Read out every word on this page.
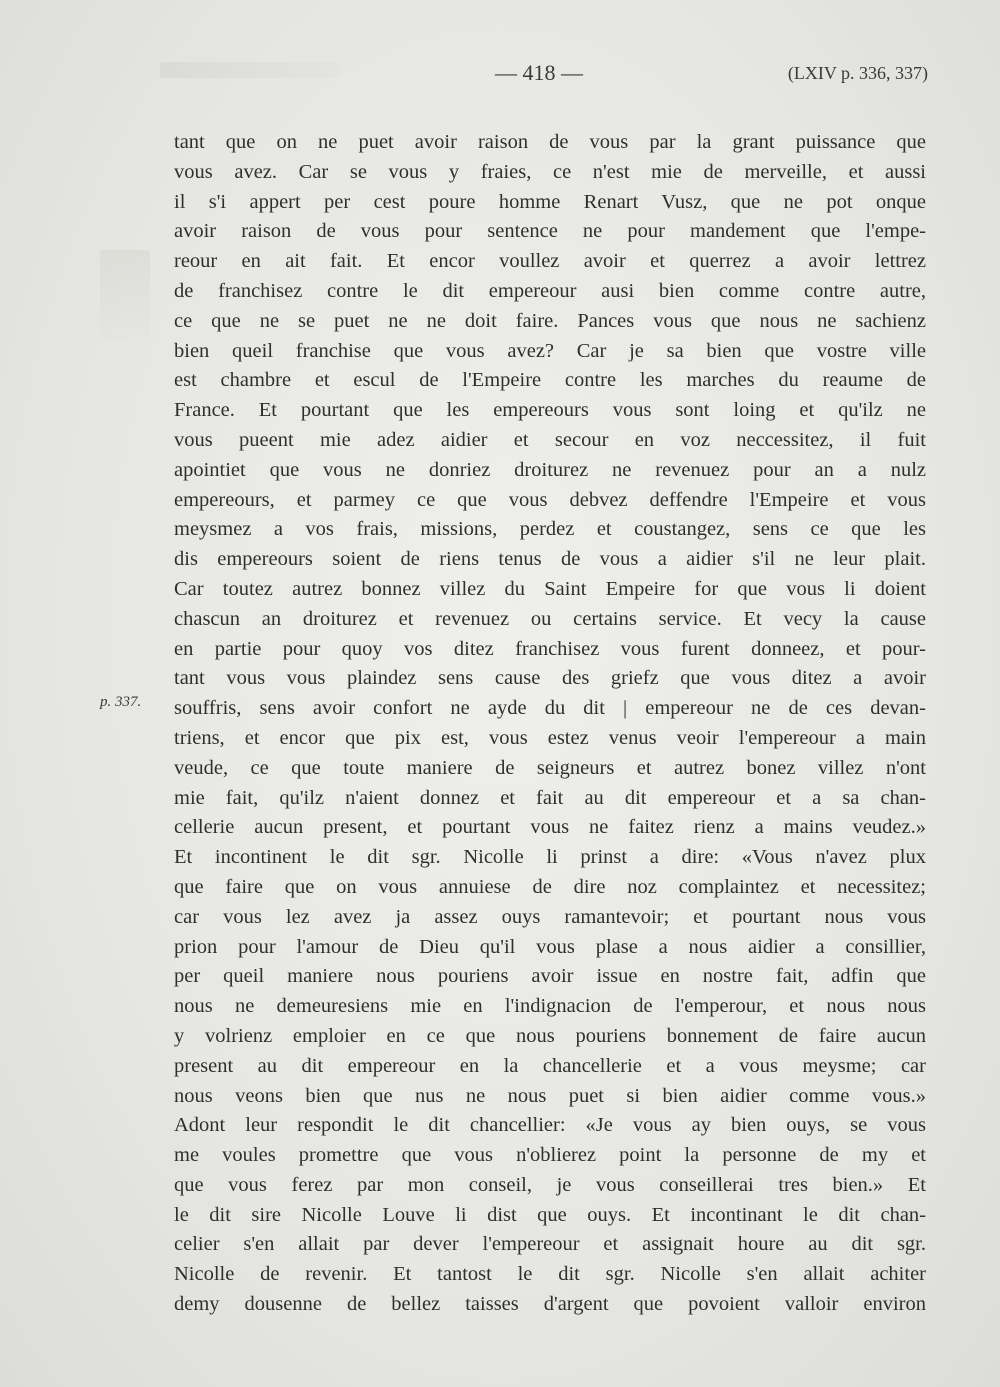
— 418 —	(LXIV p. 336, 337)
p. 337.
tant que on ne puet avoir raison de vous par la grant puissance que
vous avez. Car se vous y fraies, ce n'est mie de merveille, et aussi
il s'i appert per cest poure homme Renart Vusz, que ne pot onque
avoir raison de vous pour sentence ne pour mandement que l'empe-
reour en ait fait. Et encor voullez avoir et querrez a avoir lettrez
de franchisez contre le dit empereour ausi bien comme contre autre,
ce que ne se puet ne ne doit faire. Pances vous que nous ne sachienz
bien queil franchise que vous avez? Car je sa bien que vostre ville
est chambre et escul de l'Empeire contre les marches du reaume de
France. Et pourtant que les empereours vous sont loing et qu'ilz ne
vous pueent mie adez aidier et secour en voz neccessitez, il fuit
apointiet que vous ne donriez droiturez ne revenuez pour an a nulz
empereours, et parmey ce que vous debvez deffendre l'Empeire et vous
meysmez a vos frais, missions, perdez et coustangez, sens ce que les
dis empereours soient de riens tenus de vous a aidier s'il ne leur plait.
Car toutez autrez bonnez villez du Saint Empeire for que vous li doient
chascun an droiturez et revenuez ou certains service. Et vecy la cause
en partie pour quoy vos ditez franchisez vous furent donneez, et pour-
tant vous vous plaindez sens cause des griefz que vous ditez a avoir
souffris, sens avoir confort ne ayde du dit | empereour ne de ces devan-
triens, et encor que pix est, vous estez venus veoir l'empereour a main
veude, ce que toute maniere de seigneurs et autrez bonez villez n'ont
mie fait, qu'ilz n'aient donnez et fait au dit empereour et a sa chan-
cellerie aucun present, et pourtant vous ne faitez rienz a mains veudez.»
Et incontinent le dit sgr. Nicolle li prinst a dire: «Vous n'avez plux
que faire que on vous annuiese de dire noz complaintez et necessitez;
car vous lez avez ja assez ouys ramantevoir; et pourtant nous vous
prion pour l'amour de Dieu qu'il vous plase a nous aidier a consillier,
per queil maniere nous pouriens avoir issue en nostre fait, adfin que
nous ne demeuresiens mie en l'indignacion de l'emperour, et nous nous
y volrienz emploier en ce que nous pouriens bonnement de faire aucun
present au dit empereour en la chancellerie et a vous meysme; car
nous veons bien que nus ne nous puet si bien aidier comme vous.»
Adont leur respondit le dit chancellier: «Je vous ay bien ouys, se vous
me voules promettre que vous n'oblierez point la personne de my et
que vous ferez par mon conseil, je vous conseillerai tres bien.» Et
le dit sire Nicolle Louve li dist que ouys. Et incontinant le dit chan-
celier s'en allait par dever l'empereour et assignait houre au dit sgr.
Nicolle de revenir. Et tantost le dit sgr. Nicolle s'en allait achiter
demy dousenne de bellez taisses d'argent que povoient valloir environ
